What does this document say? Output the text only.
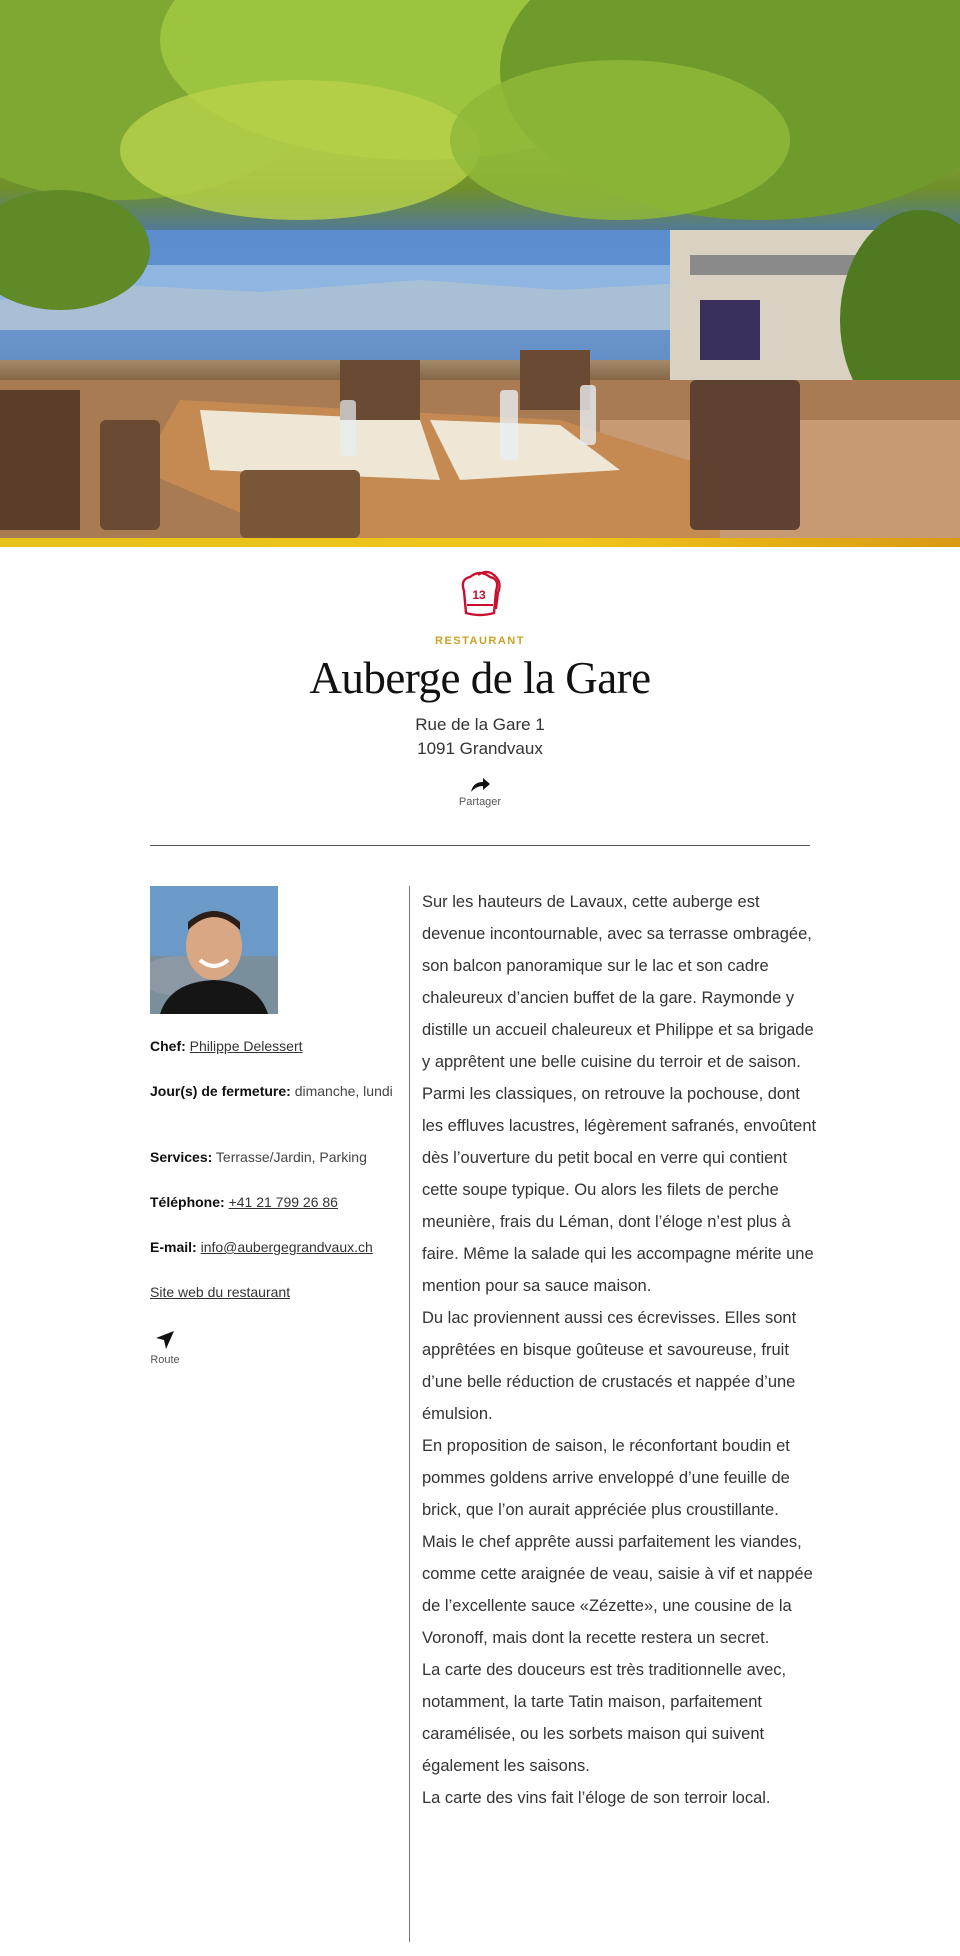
13
RESTAURANT
Auberge de la Gare
Rue de la Gare 1
1091 Grandvaux
Partager
Chef: Philippe Delessert
Jour(s) de fermeture: dimanche, lundi
Services: Terrasse/Jardin, Parking
Téléphone: +41 21 799 26 86
E-mail: info@aubergegrandvaux.ch
Site web du restaurant
Route

Sur les hauteurs de Lavaux, cette auberge est devenue incontournable, avec sa terrasse ombragée, son balcon panoramique sur le lac et son cadre chaleureux d’ancien buffet de la gare. Raymonde y distille un accueil chaleureux et Philippe et sa brigade y apprêtent une belle cuisine du terroir et de saison.

Parmi les classiques, on retrouve la pochouse, dont les effluves lacustres, légèrement safranés, envoûtent dès l’ouverture du petit bocal en verre qui contient cette soupe typique. Ou alors les filets de perche meunière, frais du Léman, dont l’éloge n’est plus à faire. Même la salade qui les accompagne mérite une mention pour sa sauce maison.

Du lac proviennent aussi ces écrevisses. Elles sont apprêtées en bisque goûteuse et savoureuse, fruit d’une belle réduction de crustacés et nappée d’une émulsion.

En proposition de saison, le réconfortant boudin et pommes goldens arrive enveloppé d’une feuille de brick, que l’on aurait appréciée plus croustillante.

Mais le chef apprête aussi parfaitement les viandes, comme cette araignée de veau, saisie à vif et nappée de l’excellente sauce «Zézette», une cousine de la Voronoff, mais dont la recette restera un secret.

La carte des douceurs est très traditionnelle avec, notamment, la tarte Tatin maison, parfaitement caramélisée, ou les sorbets maison qui suivent également les saisons.

La carte des vins fait l’éloge de son terroir local.
